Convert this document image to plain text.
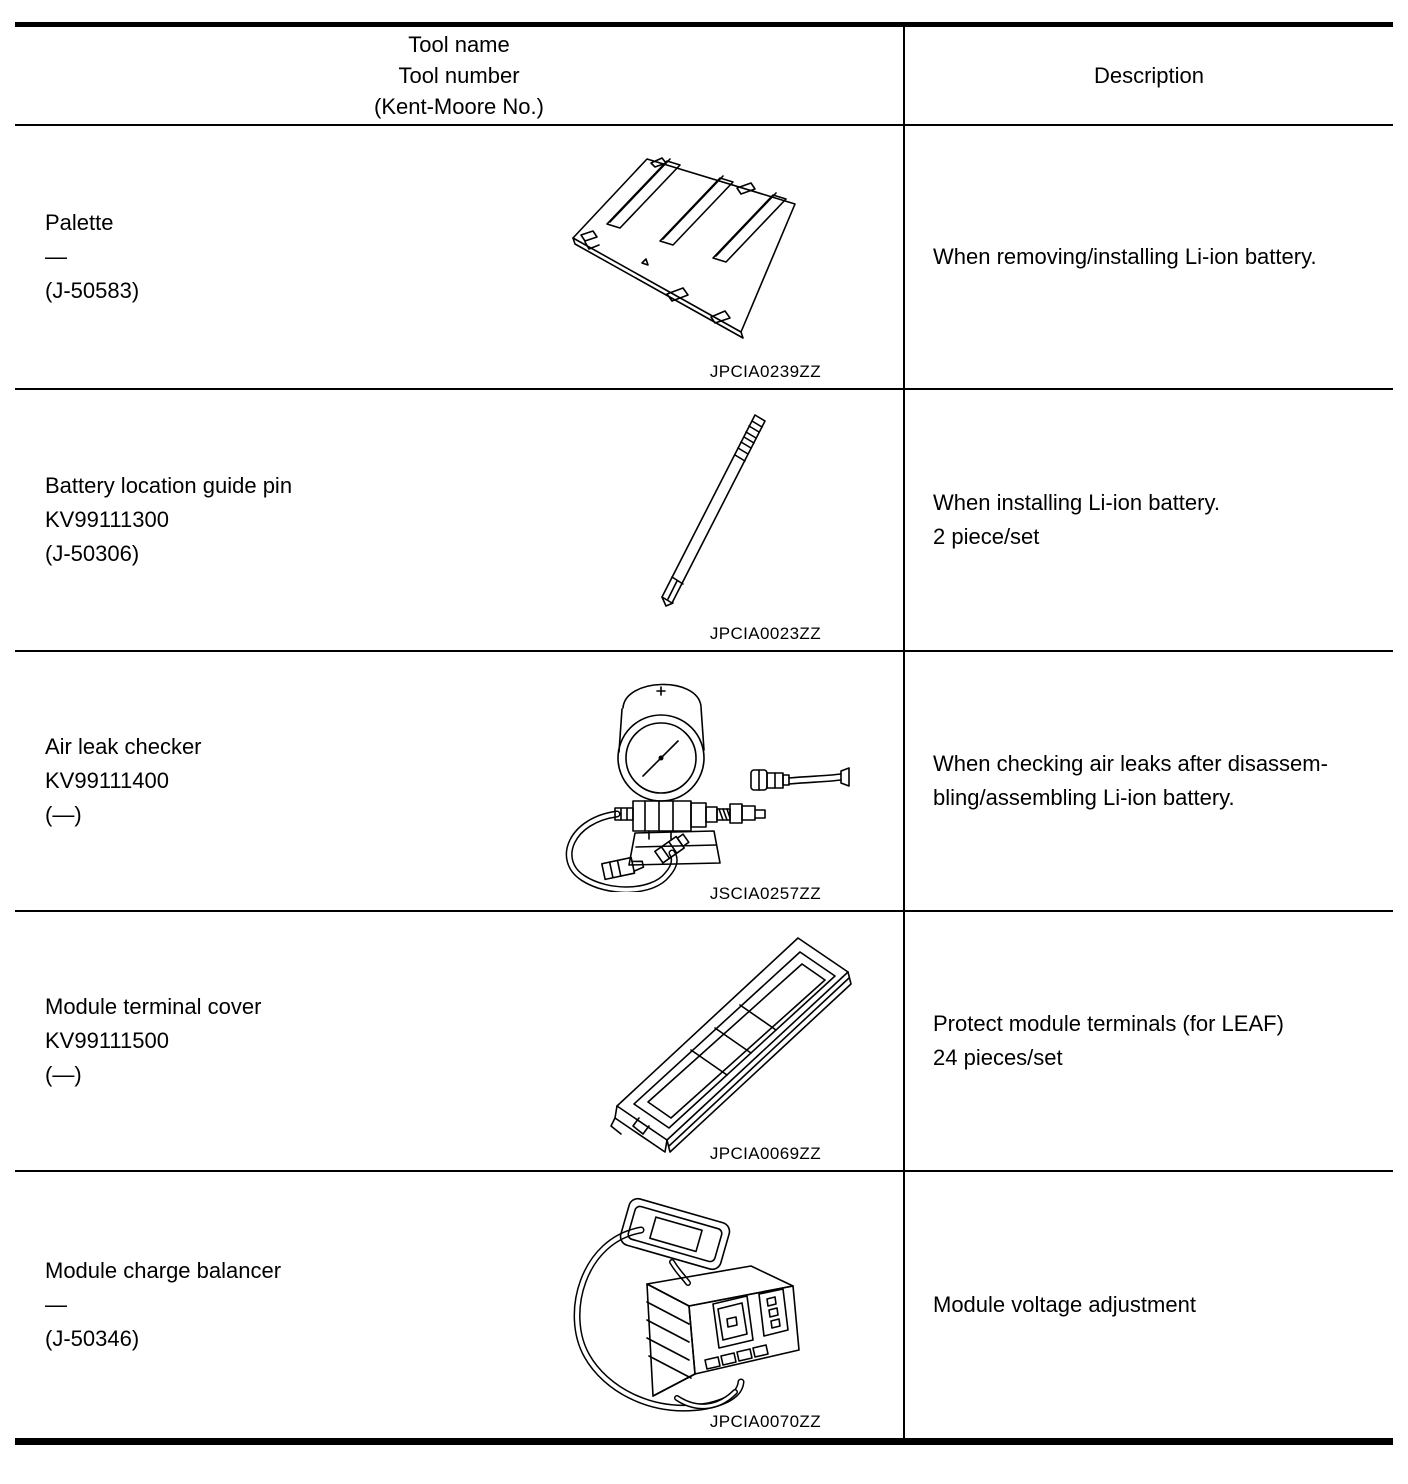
Tool name
Tool number
(Kent-Moore No.)
Description
Palette
—
(J-50583)
JPCIA0239ZZ
When removing/installing Li-ion battery.
Battery location guide pin
KV99111300
(J-50306)
JPCIA0023ZZ
When installing Li-ion battery.
2 piece/set
Air leak checker
KV99111400
(—)
JSCIA0257ZZ
When checking air leaks after disassem-
bling/assembling Li-ion battery.
Module terminal cover
KV99111500
(—)
JPCIA0069ZZ
Protect module terminals (for LEAF)
24 pieces/set
Module charge balancer
—
(J-50346)
JPCIA0070ZZ
Module voltage adjustment
